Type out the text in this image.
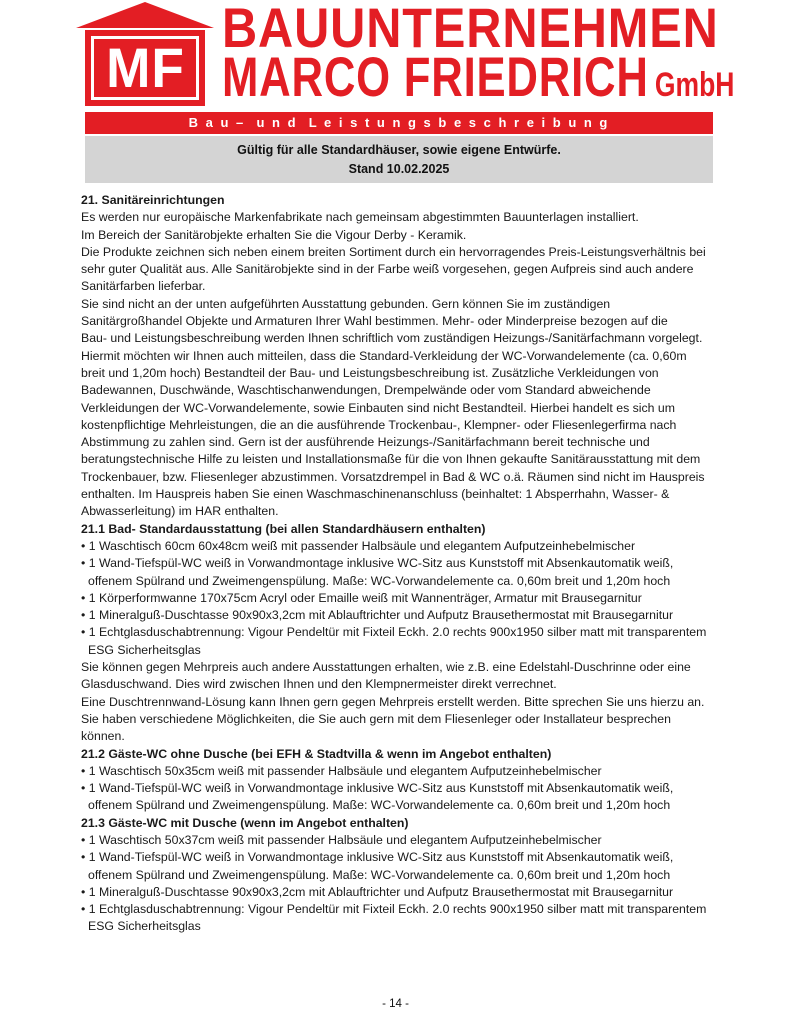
MF
BAUUNTERNEHMEN
MARCO FRIEDRICH GmbH
B a u –  u n d  L e i s t u n g s b e s c h r e i b u n g
Gültig für alle Standardhäuser, sowie eigene Entwürfe.
Stand 10.02.2025
21. Sanitäreinrichtungen
Es werden nur europäische Markenfabrikate nach gemeinsam abgestimmten Bauunterlagen installiert.
Im Bereich der Sanitärobjekte erhalten Sie die Vigour Derby - Keramik.
Die Produkte zeichnen sich neben einem breiten Sortiment durch ein hervorragendes Preis-Leistungsverhältnis bei
sehr guter Qualität aus. Alle Sanitärobjekte sind in der Farbe weiß vorgesehen, gegen Aufpreis sind auch andere
Sanitärfarben lieferbar.
Sie sind nicht an der unten aufgeführten Ausstattung gebunden. Gern können Sie im zuständigen
Sanitärgroßhandel Objekte und Armaturen Ihrer Wahl bestimmen. Mehr- oder Minderpreise bezogen auf die
Bau- und Leistungsbeschreibung werden Ihnen schriftlich vom zuständigen Heizungs-/Sanitärfachmann vorgelegt.
Hiermit möchten wir Ihnen auch mitteilen, dass die Standard-Verkleidung der WC-Vorwandelemente (ca. 0,60m
breit und 1,20m hoch) Bestandteil der Bau- und Leistungsbeschreibung ist. Zusätzliche Verkleidungen von
Badewannen, Duschwände, Waschtischanwendungen, Drempelwände oder vom Standard abweichende
Verkleidungen der WC-Vorwandelemente, sowie Einbauten sind nicht Bestandteil. Hierbei handelt es sich um
kostenpflichtige Mehrleistungen, die an die ausführende Trockenbau-, Klempner- oder Fliesenlegerfirma nach
Abstimmung zu zahlen sind. Gern ist der ausführende Heizungs-/Sanitärfachmann bereit technische und
beratungstechnische Hilfe zu leisten und Installationsmaße für die von Ihnen gekaufte Sanitärausstattung mit dem
Trockenbauer, bzw. Fliesenleger abzustimmen. Vorsatzdrempel in Bad & WC o.ä. Räumen sind nicht im Hauspreis
enthalten. Im Hauspreis haben Sie einen Waschmaschinenanschluss (beinhaltet: 1 Absperrhahn, Wasser- &
Abwasserleitung) im HAR enthalten.
21.1 Bad- Standardausstattung (bei allen Standardhäusern enthalten)
• 1 Waschtisch 60cm 60x48cm weiß mit passender Halbsäule und elegantem Aufputzeinhebelmischer
• 1 Wand-Tiefspül-WC weiß in Vorwandmontage inklusive WC-Sitz aus Kunststoff mit Absenkautomatik weiß,
offenem Spülrand und Zweimengenspülung. Maße: WC-Vorwandelemente ca. 0,60m breit und 1,20m hoch
• 1 Körperformwanne 170x75cm Acryl oder Emaille weiß mit Wannenträger, Armatur mit Brausegarnitur
• 1 Mineralguß-Duschtasse 90x90x3,2cm mit Ablauftrichter und Aufputz Brausethermostat mit Brausegarnitur
• 1 Echtglasduschabtrennung: Vigour Pendeltür mit Fixteil Eckh. 2.0 rechts 900x1950 silber matt mit transparentem
ESG Sicherheitsglas
Sie können gegen Mehrpreis auch andere Ausstattungen erhalten, wie z.B. eine Edelstahl-Duschrinne oder eine
Glasduschwand. Dies wird zwischen Ihnen und den Klempnermeister direkt verrechnet.
Eine Duschtrennwand-Lösung kann Ihnen gern gegen Mehrpreis erstellt werden. Bitte sprechen Sie uns hierzu an.
Sie haben verschiedene Möglichkeiten, die Sie auch gern mit dem Fliesenleger oder Installateur besprechen
können.
21.2 Gäste-WC ohne Dusche (bei EFH & Stadtvilla & wenn im Angebot enthalten)
• 1 Waschtisch 50x35cm weiß mit passender Halbsäule und elegantem Aufputzeinhebelmischer
• 1 Wand-Tiefspül-WC weiß in Vorwandmontage inklusive WC-Sitz aus Kunststoff mit Absenkautomatik weiß,
offenem Spülrand und Zweimengenspülung. Maße: WC-Vorwandelemente ca. 0,60m breit und 1,20m hoch
21.3 Gäste-WC mit Dusche (wenn im Angebot enthalten)
• 1 Waschtisch 50x37cm weiß mit passender Halbsäule und elegantem Aufputzeinhebelmischer
• 1 Wand-Tiefspül-WC weiß in Vorwandmontage inklusive WC-Sitz aus Kunststoff mit Absenkautomatik weiß,
offenem Spülrand und Zweimengenspülung. Maße: WC-Vorwandelemente ca. 0,60m breit und 1,20m hoch
• 1 Mineralguß-Duschtasse 90x90x3,2cm mit Ablauftrichter und Aufputz Brausethermostat mit Brausegarnitur
• 1 Echtglasduschabtrennung: Vigour Pendeltür mit Fixteil Eckh. 2.0 rechts 900x1950 silber matt mit transparentem
ESG Sicherheitsglas
- 14 -
